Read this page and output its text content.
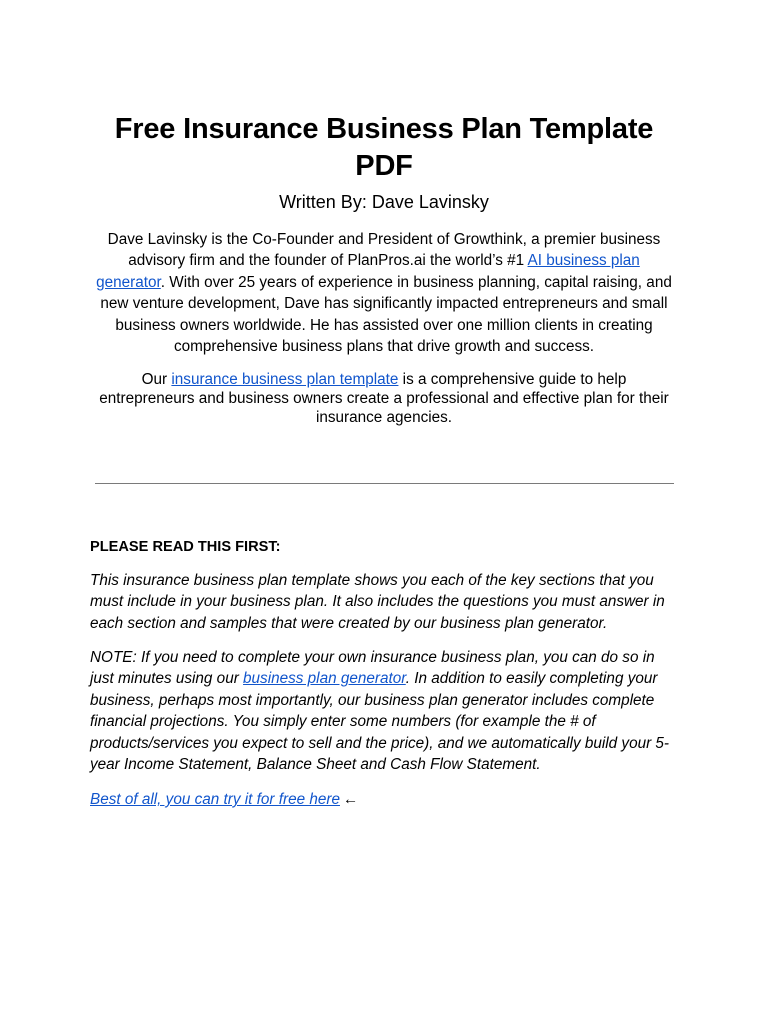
Free Insurance Business Plan Template PDF

Written By: Dave Lavinsky

Dave Lavinsky is the Co-Founder and President of Growthink, a premier business advisory firm and the founder of PlanPros.ai the world’s #1 AI business plan generator. With over 25 years of experience in business planning, capital raising, and new venture development, Dave has significantly impacted entrepreneurs and small business owners worldwide. He has assisted over one million clients in creating comprehensive business plans that drive growth and success.

Our insurance business plan template is a comprehensive guide to help entrepreneurs and business owners create a professional and effective plan for their insurance agencies.

PLEASE READ THIS FIRST:

This insurance business plan template shows you each of the key sections that you must include in your business plan. It also includes the questions you must answer in each section and samples that were created by our business plan generator.

NOTE: If you need to complete your own insurance business plan, you can do so in just minutes using our business plan generator. In addition to easily completing your business, perhaps most importantly, our business plan generator includes complete financial projections. You simply enter some numbers (for example the # of products/services you expect to sell and the price), and we automatically build your 5-year Income Statement, Balance Sheet and Cash Flow Statement.

Best of all, you can try it for free here ←
